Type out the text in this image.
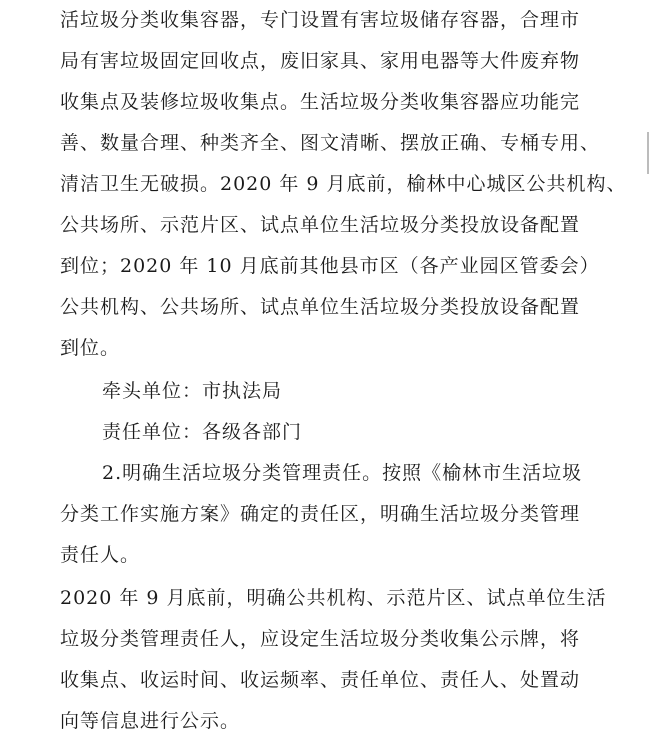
活垃圾分类收集容器，专门设置有害垃圾储存容器，合理市

局有害垃圾固定回收点，废旧家具、家用电器等大件废弃物

收集点及装修垃圾收集点。生活垃圾分类收集容器应功能完

善、数量合理、种类齐全、图文清晰、摆放正确、专桶专用、

清洁卫生无破损。2020 年 9 月底前，榆林中心城区公共机构、

公共场所、示范片区、试点单位生活垃圾分类投放设备配置

到位；2020 年 10 月底前其他县市区（各产业园区管委会）

公共机构、公共场所、试点单位生活垃圾分类投放设备配置

到位。

牵头单位：市执法局

责任单位：各级各部门

2.明确生活垃圾分类管理责任。按照《榆林市生活垃圾

分类工作实施方案》确定的责任区，明确生活垃圾分类管理

责任人。

2020 年 9 月底前，明确公共机构、示范片区、试点单位生活

垃圾分类管理责任人，应设定生活垃圾分类收集公示牌，将

收集点、收运时间、收运频率、责任单位、责任人、处置动

向等信息进行公示。
